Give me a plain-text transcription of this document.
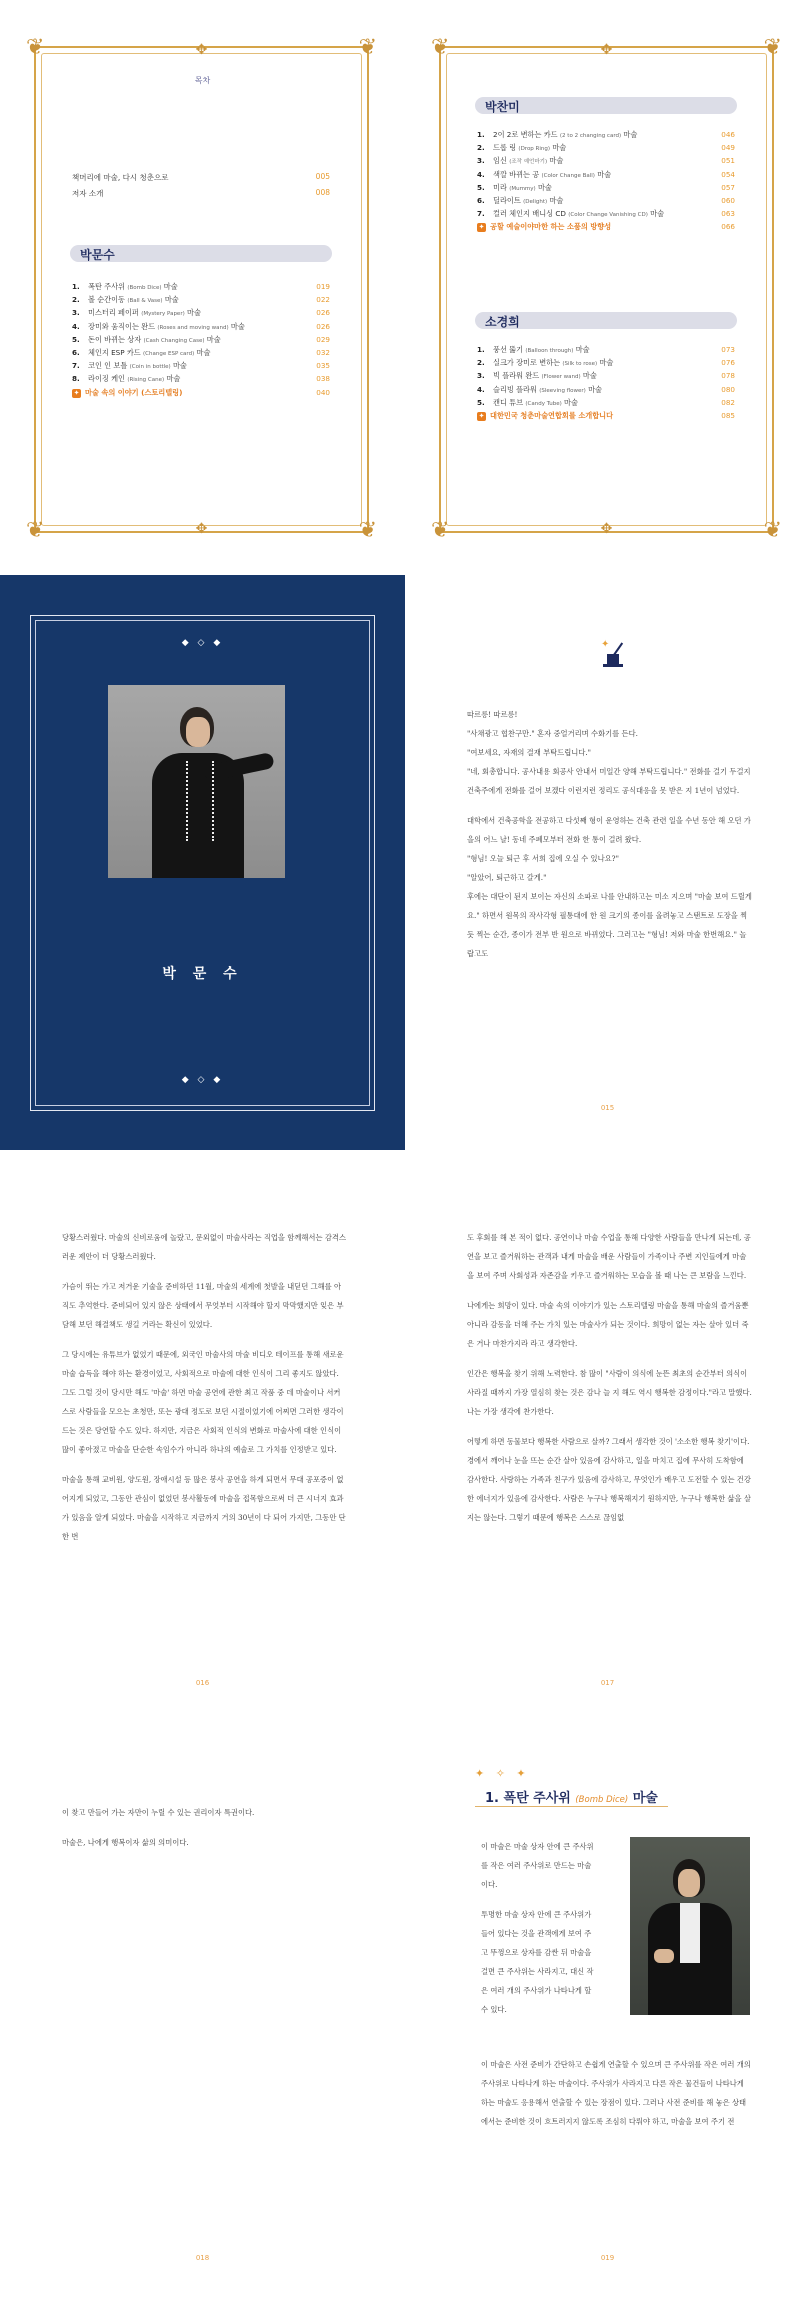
❦	❦
❦	❦
✥
✥
목차
책머리에 마술, 다시 청춘으로	005
저자 소개	008
박문수
1.	폭탄 주사위 (Bomb Dice) 마술	019
2.	볼 순간이동 (Ball & Vase) 마술	022
3.	미스터리 페이퍼 (Mystery Paper) 마술	026
4.	장미와 움직이는 완드 (Roses and moving wand) 마술	026
5.	돈이 바뀌는 상자 (Cash Changing Case) 마술	029
6.	체인지 ESP 카드 (Change ESP card) 마술	032
7.	코인 인 보틀 (Coin in bottle) 마술	035
8.	라이징 케인 (Rising Cane) 마술	038
✦ 마술 속의 이야기 (스토리텔링)	040
❦	❦
❦	❦
✥
✥
박찬미
1.	2이 2로 변하는 카드 (2 to 2 changing card) 마술	046
2.	드롭 링 (Drop Ring) 마술	049
3.	임신 (조작 예언마기) 마술	051
4.	색깔 바뀌는 공 (Color Change Ball) 마술	054
5.	미라 (Mummy) 마술	057
6.	딜라이트 (Delight) 마술	060
7.	컬러 체인지 배니싱 CD (Color Change Vanishing CD) 마술	063
✦ 공할 예술이야마한 하는 소품의 방향성	066
소경희
1.	풍선 뚫기 (Balloon through) 마술	073
2.	실크가 장미로 변하는 (Silk to rose) 마술	076
3.	빅 플라워 완드 (Flower wand) 마술	078
4.	슬리빙 플라워 (Sleeving flower) 마술	080
5.	캔디 튜브 (Candy Tube) 마술	082
✦ 대한민국 청춘마술연합회를 소개합니다	085
◆ ◇ ◆
◆ ◇ ◆
박 문 수
✦

따르릉! 따르릉!

"사채광고 협찬구만." 혼자 중얼거리며 수화기를 든다.

"여보세요, 자재의 결재 부탁드립니다."

"네, 회총합니다. 공사내용 회공사 안내서 미일간 양해 부탁드립니다." 전화를 걸기 두걸지 건축주에게 전화를 걸어 보겠다 이런지런 정리도 공식대응을 못 받은 지 1년이 넘었다.

대학에서 건축공학을 전공하고 다섯째 형이 운영하는 건축 관련 일을 수년 동안 해 오던 가을의 어느 날! 동네 주폐모부터 전화 한 통이 걸려 왔다.

"형님! 오늘 퇴근 후 서희 집에 오실 수 있나요?"

"알았어, 퇴근하고 갈게."

후에는 대단이 된지 보이는 자신의 소파로 나를 안내하고는 미소 지으며 "마술 보여 드릴게요." 하면서 원목의 작사각형 필통대에 한 원 크기의 종이를 올려놓고 스탠트로 도장을 찍듯 찍는 순간, 종이가 전부 반 원으로 바뀌었다. 그러고는 "형님! 저와 마술 한번해요." 놀랍고도

015

당황스러웠다. 마술의 신비로움에 놀랐고, 문외없이 마술사라는 직업을 함께해서는 감격스러운 제안이 더 당황스러웠다.

가슴이 뛰는 가고 저거운 기술을 준비하던 11월, 마술의 세계에 첫발을 내딛던 그해를 아직도 추억한다. 준비되어 있지 않은 상태에서 무엇부터 시작해야 할지 막막했지만 잊은 부담해 보던 해결책도 생길 거라는 확신이 있었다.

그 당시에는 유튜브가 없었기 때문에, 외국인 마술사의 마술 비디오 테이프를 통해 새로운 마술 습득을 해야 하는 환경이었고, 사회적으로 마술에 대한 인식이 그리 좋지도 않았다. 그도 그럴 것이 당시만 해도 '마술' 하면 마술 공연에 관한 최고 작품 중 데 마술이나 서커스로 사람들을 모으는 초청만, 또는 광대 정도로 보던 시절이었기에 어찌면 그러한 생각이 드는 것은 당연할 수도 있다. 하지만, 지금은 사회적 인식의 변화로 마술사에 대한 인식이 많이 좋아졌고 마술을 단순한 속임수가 아니라 하나의 예술로 그 가치를 인정받고 있다.

마술을 통해 교비원, 양도원, 장애시설 등 많은 봉사 공연을 하게 되면서 무대 공포증이 없어지게 되었고, 그동안 관심이 없었던 봉사활동에 마술을 접목함으로써 더 큰 시너지 효과가 있음을 알게 되었다. 마술을 시작하고 지금까지 거의 30년이 다 되어 가지만, 그동안 단 한 번

016

도 후회를 해 본 적이 없다. 공연이나 마술 수업을 통해 다양한 사람들을 만나게 되는데, 공연을 보고 즐거워하는 관객과 내게 마술을 배운 사람들이 가족이나 주변 지인들에게 마술을 보여 주며 사회성과 자존감을 키우고 즐거워하는 모습을 볼 때 나는 큰 보람을 느낀다.

나에게는 희망이 있다. 마술 속의 이야기가 있는 스토리텔링 마술을 통해 마술의 즐거움뿐 아니라 감동을 더해 주는 가치 있는 마술사가 되는 것이다. 희망이 없는 자는 살아 있더 죽은 거나 마찬가지라 라고 생각한다.

인간은 행복을 찾기 위해 노력한다. 참 많이 "사람이 의식에 눈뜬 최초의 순간부터 의식이 사라질 때까지 가장 열심히 찾는 것은 감나 늘 지 해도 역시 행복한 감정이다."라고 말했다. 나는 가장 생각에 찬가한다.

어떻게 하면 동물보다 행복한 사람으로 살까? 그래서 생각한 것이 '소소한 행복 찾기'이다. 경에서 깨어나 눈을 뜨는 순간 살아 있음에 감사하고, 일을 마치고 집에 무사히 도착함에 감사한다. 사랑하는 가족과 친구가 있음에 감사하고, 무엇인가 배우고 도전할 수 있는 건강한 에너지가 있음에 감사한다. 사람은 누구나 행복해지기 원하지만, 누구나 행복한 삶을 살지는 않는다. 그렇기 때문에 행복은 스스로 끊임없

017

이 찾고 만들어 가는 자만이 누릴 수 있는 권리이자 특권이다.

마술은, 나에게 행복이자 삶의 의미이다.

018
✦ ✧ ✦
1. 폭탄 주사위 (Bomb Dice) 마술

이 마술은 마술 상자 안에 큰 주사위를 작은 여러 주사위로 만드는 마술이다.

투명한 마술 상자 안에 큰 주사위가 들어 있다는 것을 관객에게 보여 주고 뚜껑으로 상자를 감싼 뒤 마술을 걸면 큰 주사위는 사라지고, 대신 작은 여러 개의 주사위가 나타나게 할 수 있다.

이 마술은 사전 준비가 간단하고 손쉽게 연출할 수 있으며 큰 주사위를 작은 여러 개의 주사위로 나타나게 하는 마술이다. 주사위가 사라지고 다른 작은 물건들이 나타나게 하는 마술도 응용해서 연출할 수 있는 장점이 있다. 그러나 사전 준비를 해 놓은 상태에서는 준비한 것이 흐트러지지 않도록 조심히 다뤄야 하고, 마술을 보여 주기 전
019
